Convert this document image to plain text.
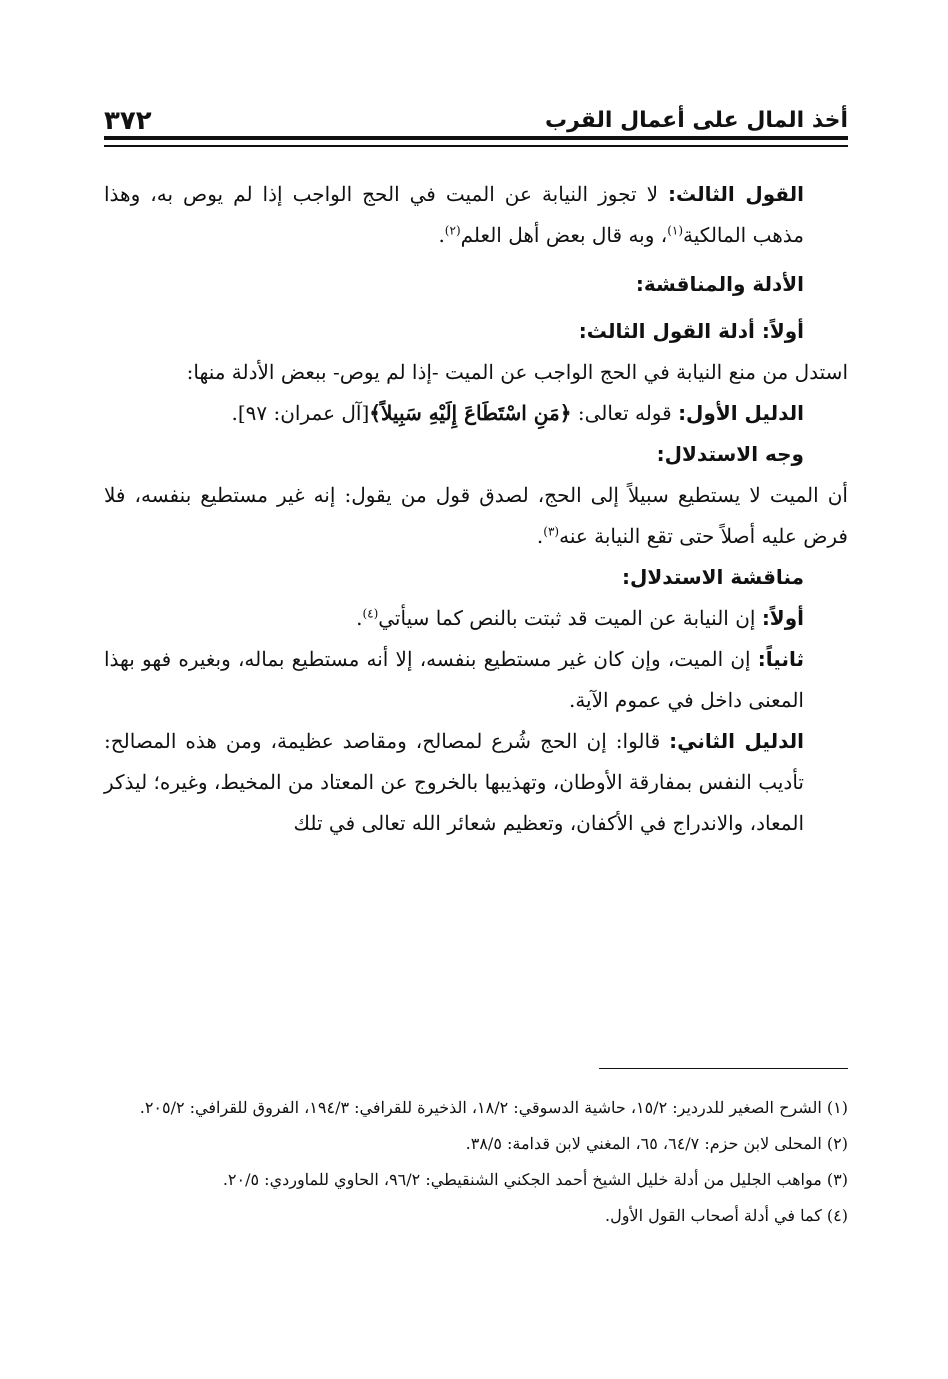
٣٧٢	أخذ المال على أعمال القرب

القول الثالث: لا تجوز النيابة عن الميت في الحج الواجب إذا لم يوص به، وهذا مذهب المالكية$^{(١)}$، وبه قال بعض أهل العلم$^{(٢)}$.

الأدلة والمناقشة:

أولاً: أدلة القول الثالث:

استدل من منع النيابة في الحج الواجب عن الميت -إذا لم يوص- ببعض الأدلة منها:

الدليل الأول: قوله تعالى: ﴿مَنِ اسْتَطَاعَ إِلَيْهِ سَبِيلاً﴾[آل عمران: ٩٧].

وجه الاستدلال:

أن الميت لا يستطيع سبيلاً إلى الحج، لصدق قول من يقول: إنه غير مستطيع بنفسه، فلا فرض عليه أصلاً حتى تقع النيابة عنه$^{(٣)}$.

مناقشة الاستدلال:

أولاً: إن النيابة عن الميت قد ثبتت بالنص كما سيأتي$^{(٤)}$.

ثانياً: إن الميت، وإن كان غير مستطيع بنفسه، إلا أنه مستطيع بماله، وبغيره فهو بهذا المعنى داخل في عموم الآية.

الدليل الثاني: قالوا: إن الحج شُرع لمصالح، ومقاصد عظيمة، ومن هذه المصالح: تأديب النفس بمفارقة الأوطان، وتهذيبها بالخروج عن المعتاد من المخيط، وغيره؛ ليذكر المعاد، والاندراج في الأكفان، وتعظيم شعائر الله تعالى في تلك

(١) الشرح الصغير للدردير: ١٥/٢، حاشية الدسوقي: ١٨/٢، الذخيرة للقرافي: ١٩٤/٣، الفروق للقرافي: ٢٠٥/٢.

(٢) المحلى لابن حزم: ٦٤/٧، ٦٥، المغني لابن قدامة: ٣٨/٥.

(٣) مواهب الجليل من أدلة خليل الشيخ أحمد الجكني الشنقيطي: ٩٦/٢، الحاوي للماوردي: ٢٠/٥.

(٤) كما في أدلة أصحاب القول الأول.
